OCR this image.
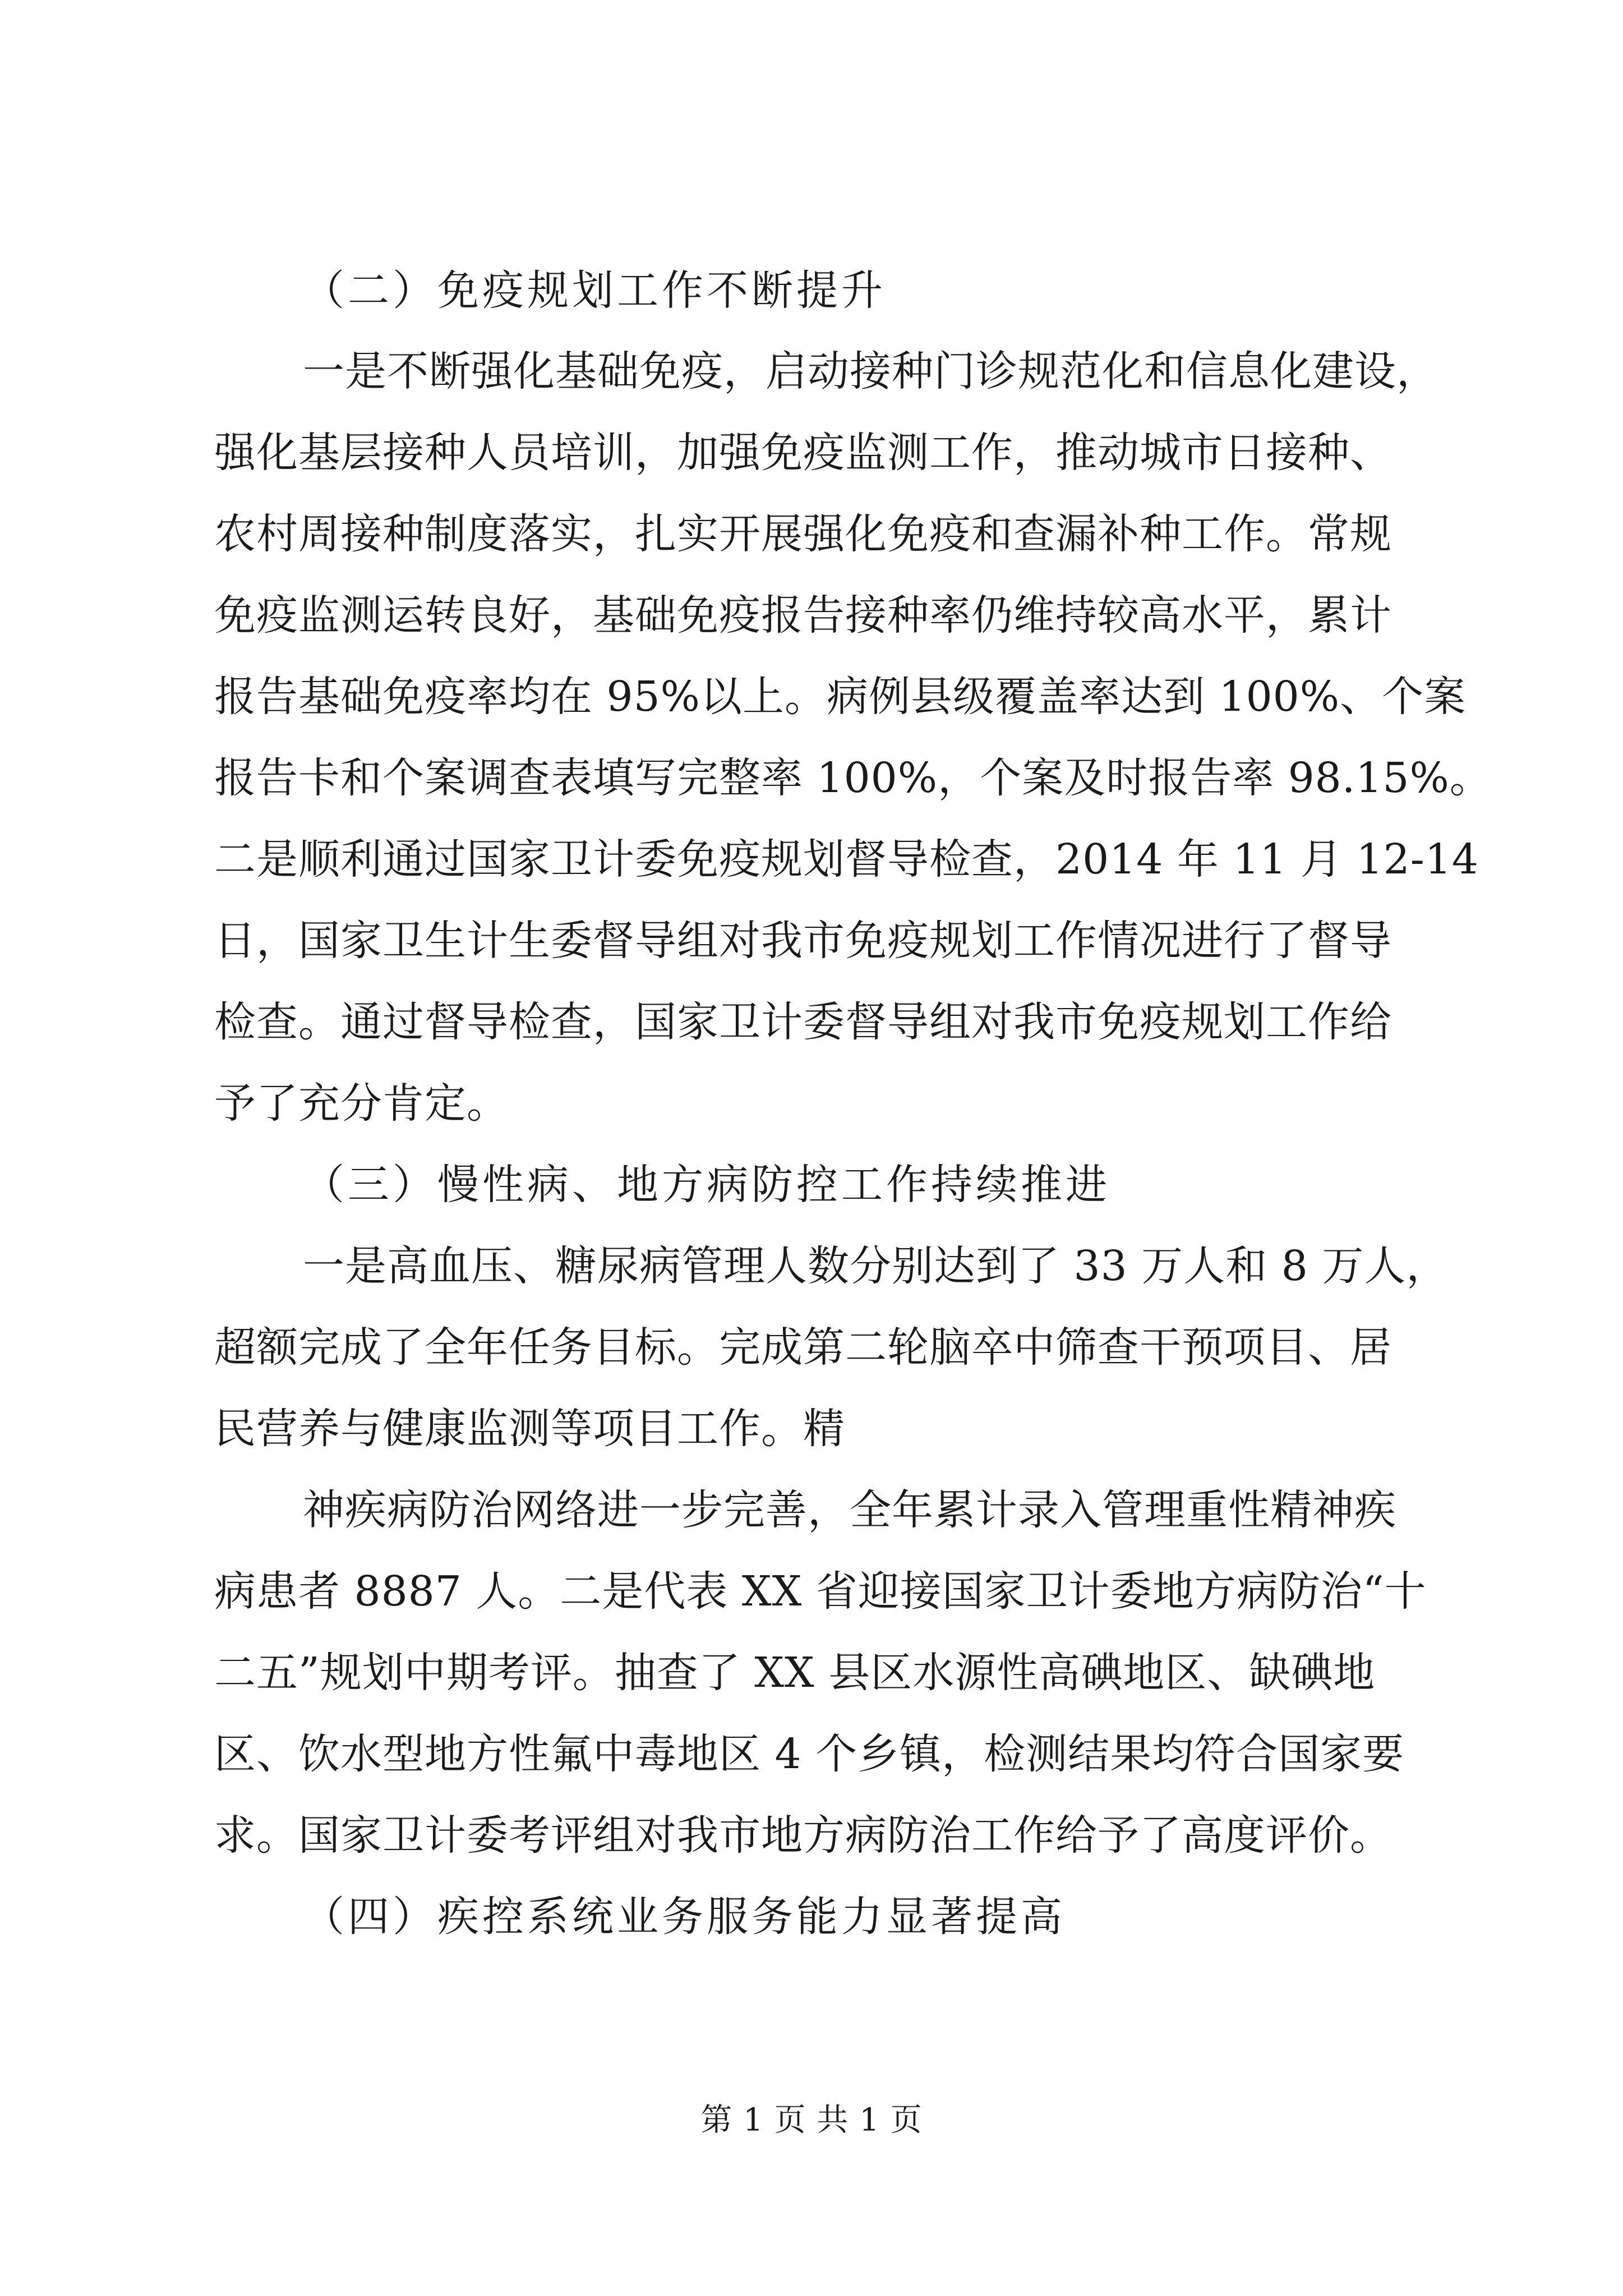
（二）免疫规划工作不断提升

一是不断强化基础免疫，启动接种门诊规范化和信息化建设，

强化基层接种人员培训，加强免疫监测工作，推动城市日接种、

农村周接种制度落实，扎实开展强化免疫和查漏补种工作。常规

免疫监测运转良好，基础免疫报告接种率仍维持较高水平，累计

报告基础免疫率均在 95%以上。病例县级覆盖率达到 100%、个案

报告卡和个案调查表填写完整率 100%，个案及时报告率 98.15%。

二是顺利通过国家卫计委免疫规划督导检查，2014 年 11 月 12-14

日，国家卫生计生委督导组对我市免疫规划工作情况进行了督导

检查。通过督导检查，国家卫计委督导组对我市免疫规划工作给

予了充分肯定。

（三）慢性病、地方病防控工作持续推进

一是高血压、糖尿病管理人数分别达到了 33 万人和 8 万人，

超额完成了全年任务目标。完成第二轮脑卒中筛查干预项目、居

民营养与健康监测等项目工作。精

神疾病防治网络进一步完善，全年累计录入管理重性精神疾

病患者 8887 人。二是代表 XX 省迎接国家卫计委地方病防治“十

二五”规划中期考评。抽查了 XX 县区水源性高碘地区、缺碘地

区、饮水型地方性氟中毒地区 4 个乡镇，检测结果均符合国家要

求。国家卫计委考评组对我市地方病防治工作给予了高度评价。

（四）疾控系统业务服务能力显著提高

第 1 页 共 1 页
